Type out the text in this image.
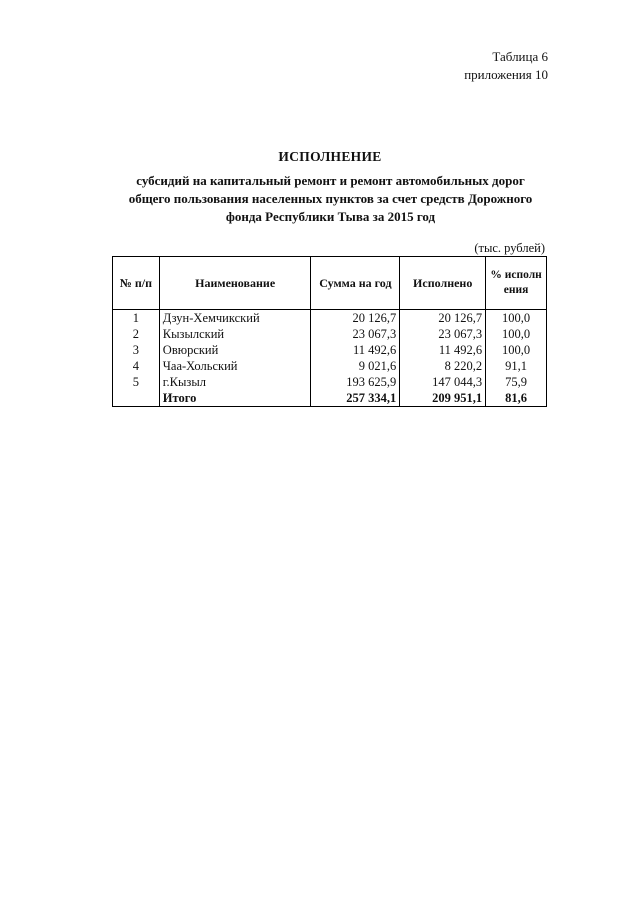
Таблица 6
приложения 10
ИСПОЛНЕНИЕ
субсидий на капитальный ремонт и ремонт автомобильных дорог
общего пользования населенных пунктов за счет средств Дорожного
фонда Республики Тыва за 2015 год
(тыс. рублей)
№ п/п	Наименование	Сумма на год	Исполнено	% исполнения
1	Дзун-Хемчикский	20 126,7	20 126,7	100,0
2	Кызылский	23 067,3	23 067,3	100,0
3	Овюрский	11 492,6	11 492,6	100,0
4	Чаа-Хольский	9 021,6	8 220,2	91,1
5	г.Кызыл	193 625,9	147 044,3	75,9
	Итого	257 334,1	209 951,1	81,6
